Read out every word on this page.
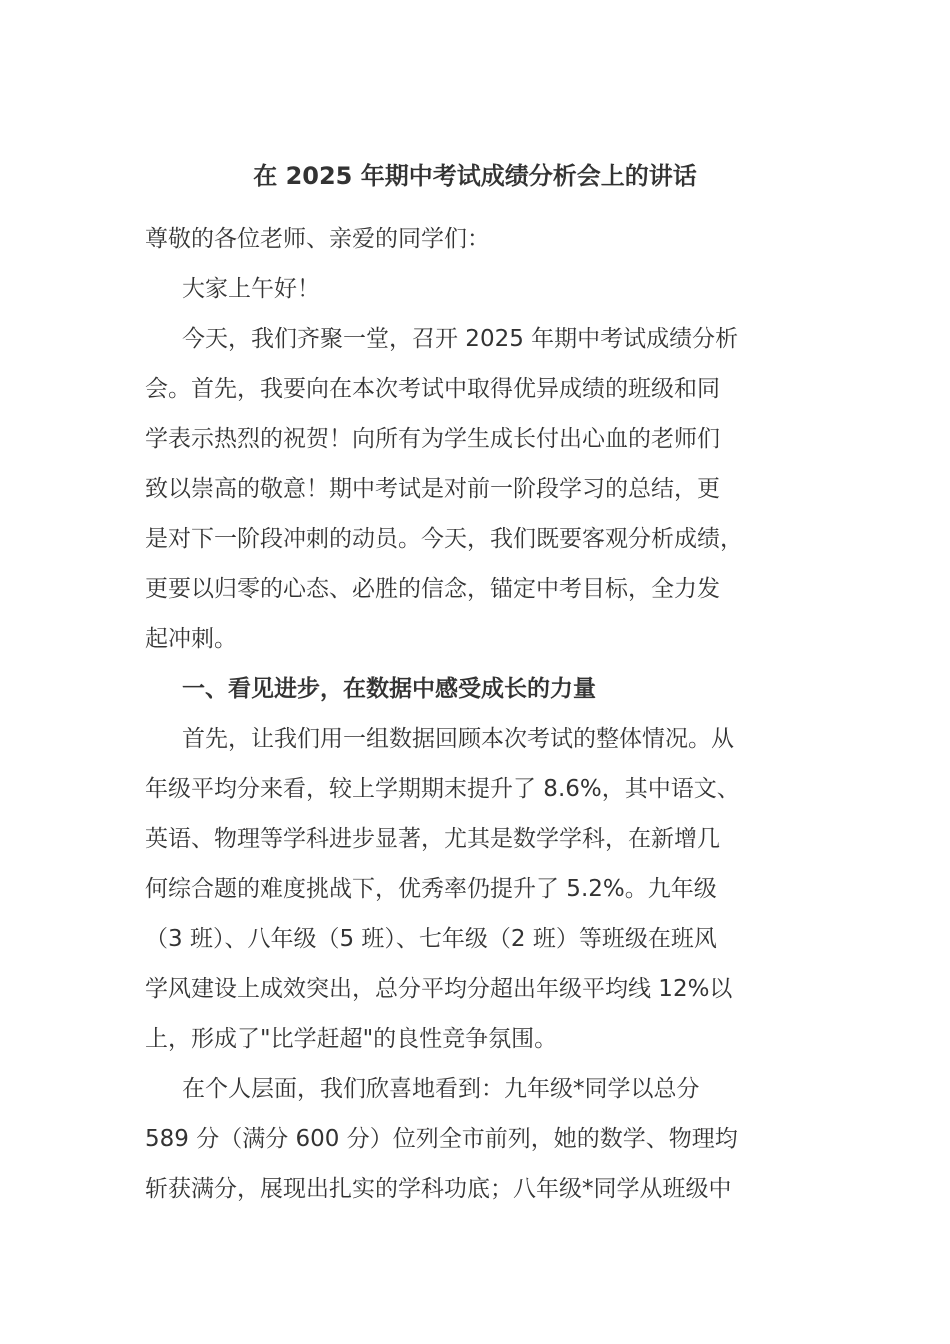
在 2025 年期中考试成绩分析会上的讲话
尊敬的各位老师、亲爱的同学们：
大家上午好！
今天，我们齐聚一堂，召开 2025 年期中考试成绩分析
会。首先，我要向在本次考试中取得优异成绩的班级和同
学表示热烈的祝贺！向所有为学生成长付出心血的老师们
致以崇高的敬意！期中考试是对前一阶段学习的总结，更
是对下一阶段冲刺的动员。今天，我们既要客观分析成绩，
更要以归零的心态、必胜的信念，锚定中考目标，全力发
起冲刺。
一、看见进步，在数据中感受成长的力量
首先，让我们用一组数据回顾本次考试的整体情况。从
年级平均分来看，较上学期期末提升了 8.6%，其中语文、
英语、物理等学科进步显著，尤其是数学学科，在新增几
何综合题的难度挑战下，优秀率仍提升了 5.2%。九年级
（3 班）、八年级（5 班）、七年级（2 班）等班级在班风
学风建设上成效突出，总分平均分超出年级平均线 12%以
上，形成了"比学赶超"的良性竞争氛围。
在个人层面，我们欣喜地看到：九年级*同学以总分
589 分（满分 600 分）位列全市前列，她的数学、物理均
斩获满分，展现出扎实的学科功底；八年级*同学从班级中
